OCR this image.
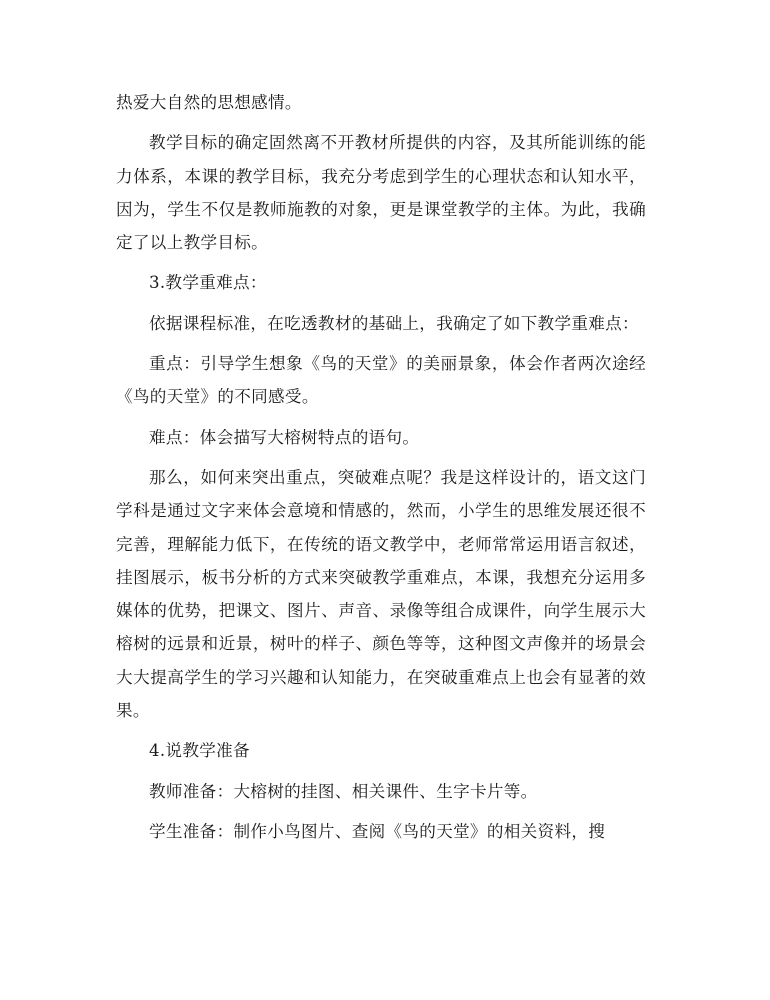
热爱大自然的思想感情。

教学目标的确定固然离不开教材所提供的内容，及其所能训练的能力体系，本课的教学目标，我充分考虑到学生的心理状态和认知水平，因为，学生不仅是教师施教的对象，更是课堂教学的主体。为此，我确定了以上教学目标。

3.教学重难点：

依据课程标准，在吃透教材的基础上，我确定了如下教学重难点：

重点：引导学生想象《鸟的天堂》的美丽景象，体会作者两次途经《鸟的天堂》的不同感受。

难点：体会描写大榕树特点的语句。

那么，如何来突出重点，突破难点呢？我是这样设计的，语文这门学科是通过文字来体会意境和情感的，然而，小学生的思维发展还很不完善，理解能力低下，在传统的语文教学中，老师常常运用语言叙述，挂图展示，板书分析的方式来突破教学重难点，本课，我想充分运用多媒体的优势，把课文、图片、声音、录像等组合成课件，向学生展示大榕树的远景和近景，树叶的样子、颜色等等，这种图文声像并的场景会大大提高学生的学习兴趣和认知能力，在突破重难点上也会有显著的效果。

4.说教学准备

教师准备：大榕树的挂图、相关课件、生字卡片等。

学生准备：制作小鸟图片、查阅《鸟的天堂》的相关资料，搜
